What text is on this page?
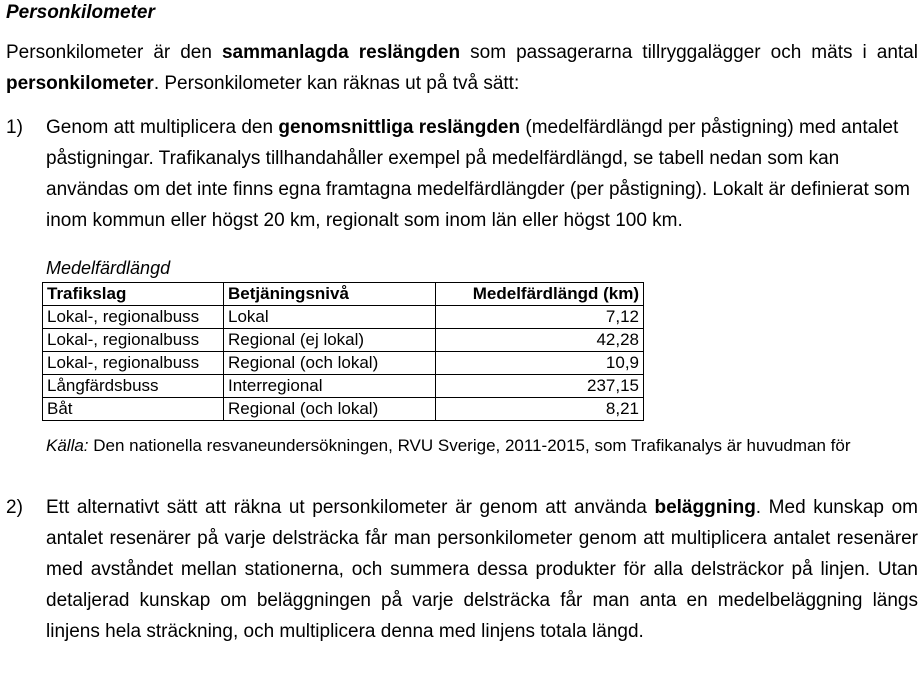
Personkilometer
Personkilometer är den sammanlagda reslängden som passagerarna tillryggalägger och mäts i antal personkilometer. Personkilometer kan räknas ut på två sätt:
1) Genom att multiplicera den genomsnittliga reslängden (medelfärdlängd per påstigning) med antalet påstigningar. Trafikanalys tillhandahåller exempel på medelfärdlängd, se tabell nedan som kan användas om det inte finns egna framtagna medelfärdlängder (per påstigning). Lokalt är definierat som inom kommun eller högst 20 km, regionalt som inom län eller högst 100 km.
Medelfärdlängd
Trafikslag	Betjäningsnivå	Medelfärdlängd (km)
Lokal-, regionalbuss	Lokal	7,12
Lokal-, regionalbuss	Regional (ej lokal)	42,28
Lokal-, regionalbuss	Regional (och lokal)	10,9
Långfärdsbuss	Interregional	237,15
Båt	Regional (och lokal)	8,21
Källa: Den nationella resvaneundersökningen, RVU Sverige, 2011-2015, som Trafikanalys är huvudman för
2) Ett alternativt sätt att räkna ut personkilometer är genom att använda beläggning. Med kunskap om antalet resenärer på varje delsträcka får man personkilometer genom att multiplicera antalet resenärer med avståndet mellan stationerna, och summera dessa produkter för alla delsträckor på linjen. Utan detaljerad kunskap om beläggningen på varje delsträcka får man anta en medelbeläggning längs linjens hela sträckning, och multiplicera denna med linjens totala längd.
